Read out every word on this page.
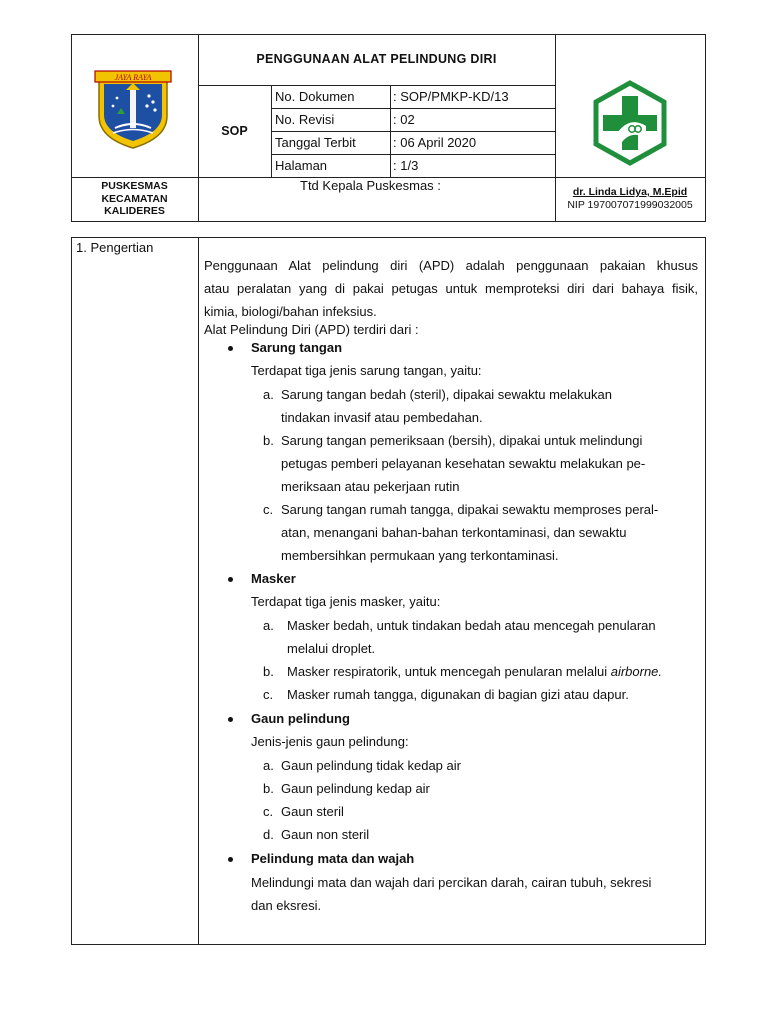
JAYA RAYA
PENGGUNAAN ALAT PELINDUNG DIRI
SOP
No. Dokumen	: SOP/PMKP-KD/13
No. Revisi	: 02
Tanggal Terbit	: 06 April 2020
Halaman	: 1/3
PUSKESMAS
KECAMATAN
KALIDERES
Ttd Kepala Puskesmas :	dr. Linda Lidya, M.Epid
NIP 197007071999032005
1. Pengertian
Penggunaan Alat pelindung diri (APD) adalah penggunaan pakaian khusus
atau peralatan yang di pakai petugas untuk memproteksi diri dari bahaya fisik,
kimia, biologi/bahan infeksius.
Alat Pelindung Diri (APD) terdiri dari :
Sarung tangan
Terdapat tiga jenis sarung tangan, yaitu:
a. Sarung tangan bedah (steril), dipakai sewaktu melakukan
tindakan invasif atau pembedahan.
b. Sarung tangan pemeriksaan (bersih), dipakai untuk melindungi
petugas pemberi pelayanan kesehatan sewaktu melakukan pe-
meriksaan atau pekerjaan rutin
c. Sarung tangan rumah tangga, dipakai sewaktu memproses peral-
atan, menangani bahan-bahan terkontaminasi, dan sewaktu
membersihkan permukaan yang terkontaminasi.
Masker
Terdapat tiga jenis masker, yaitu:
a. Masker bedah, untuk tindakan bedah atau mencegah penularan
melalui droplet.
b. Masker respiratorik, untuk mencegah penularan melalui airborne.
c. Masker rumah tangga, digunakan di bagian gizi atau dapur.
Gaun pelindung
Jenis-jenis gaun pelindung:
a. Gaun pelindung tidak kedap air
b. Gaun pelindung kedap air
c. Gaun steril
d. Gaun non steril
Pelindung mata dan wajah
Melindungi mata dan wajah dari percikan darah, cairan tubuh, sekresi
dan eksresi.
